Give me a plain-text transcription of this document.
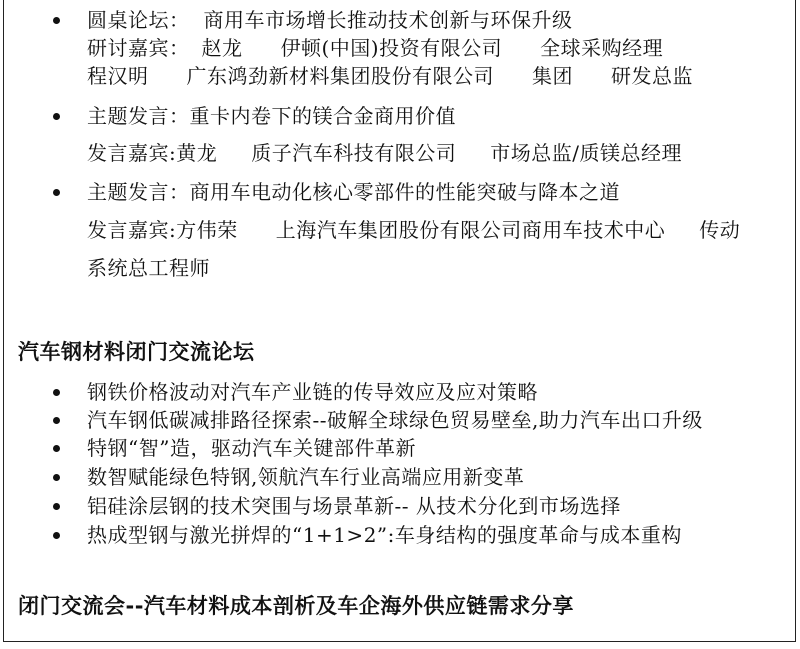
圆桌论坛： 商用车市场增长推动技术创新与环保升级
研讨嘉宾： 赵龙 伊顿(中国)投资有限公司 全球采购经理
程汉明 广东鸿劲新材料集团股份有限公司 集团 研发总监
主题发言：重卡内卷下的镁合金商用价值
发言嘉宾:黄龙 质子汽车科技有限公司 市场总监/质镁总经理
主题发言：商用车电动化核心零部件的性能突破与降本之道
发言嘉宾:方伟荣 上海汽车集团股份有限公司商用车技术中心 传动
系统总工程师
汽车钢材料闭门交流论坛
钢铁价格波动对汽车产业链的传导效应及应对策略
汽车钢低碳减排路径探索--破解全球绿色贸易壁垒,助力汽车出口升级
特钢“智”造，驱动汽车关键部件革新
数智赋能绿色特钢,领航汽车行业高端应用新变革
铝硅涂层钢的技术突围与场景革新-- 从技术分化到市场选择
热成型钢与激光拼焊的“1+1>2”:车身结构的强度革命与成本重构
闭门交流会--汽车材料成本剖析及车企海外供应链需求分享
